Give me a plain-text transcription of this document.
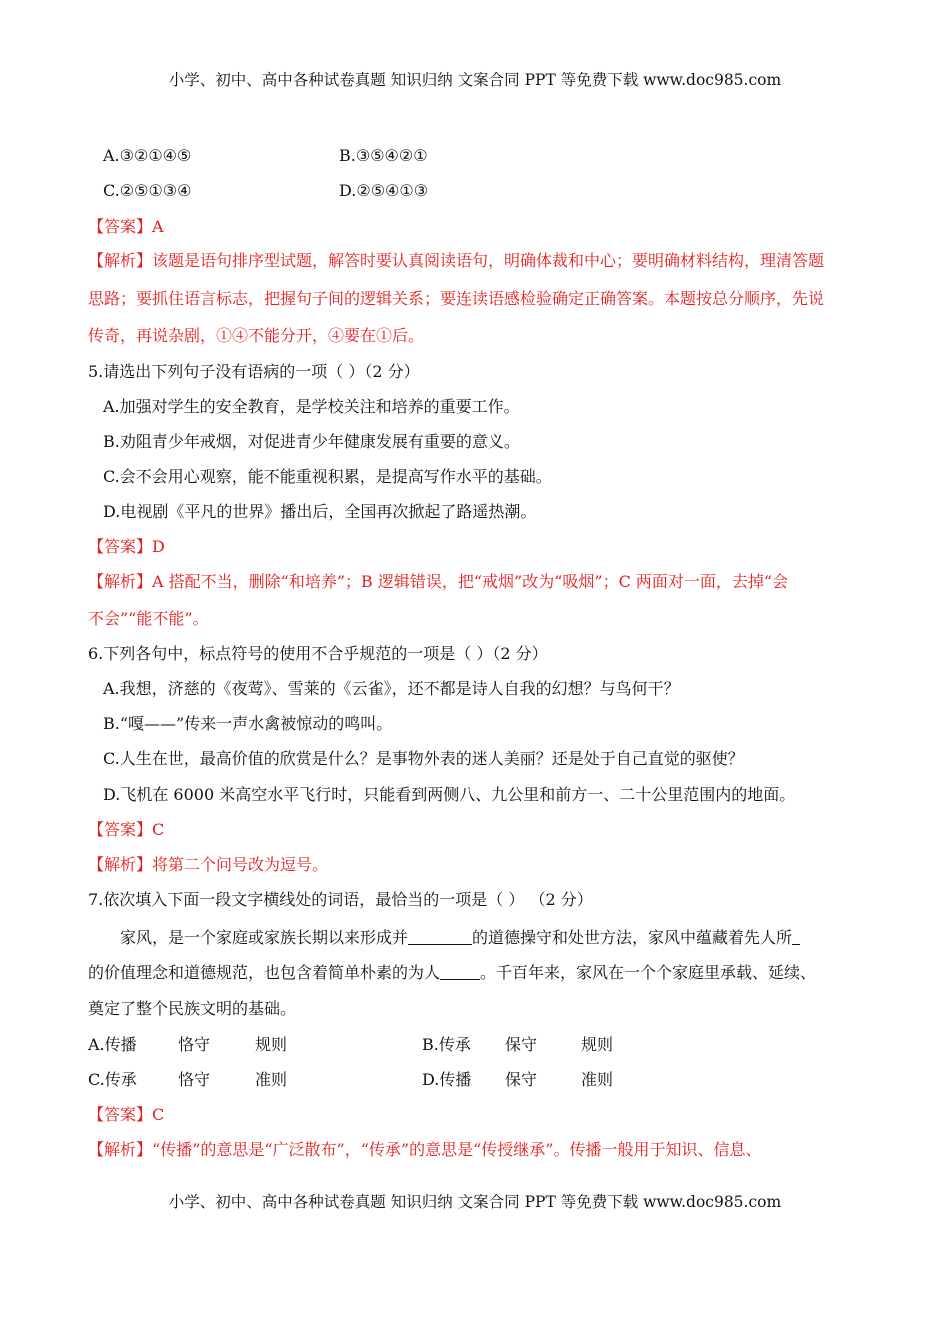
小学、初中、高中各种试卷真题 知识归纳 文案合同 PPT 等免费下载 www.doc985.com
A.③②①④⑤	B.③⑤④②①
C.②⑤①③④	D.②⑤④①③
【答案】A
【解析】该题是语句排序型试题，解答时要认真阅读语句，明确体裁和中心；要明确材料结构，理清答题
思路；要抓住语言标志，把握句子间的逻辑关系；要连读语感检验确定正确答案。本题按总分顺序，先说
传奇，再说杂剧，①④不能分开，④要在①后。
5.请选出下列句子没有语病的一项（ ）（2 分）
A.加强对学生的安全教育，是学校关注和培养的重要工作。
B.劝阻青少年戒烟，对促进青少年健康发展有重要的意义。
C.会不会用心观察，能不能重视积累，是提高写作水平的基础。
D.电视剧《平凡的世界》播出后，全国再次掀起了路遥热潮。
【答案】D
【解析】A 搭配不当，删除“和培养”；B 逻辑错误，把“戒烟”改为“吸烟”；C 两面对一面，去掉“会
不会”“能不能”。
6.下列各句中，标点符号的使用不合乎规范的一项是（ ）（2 分）
A.我想，济慈的《夜莺》、雪莱的《云雀》，还不都是诗人自我的幻想？与鸟何干？
B.“嘎——”传来一声水禽被惊动的鸣叫。
C.人生在世，最高价值的欣赏是什么？是事物外表的迷人美丽？还是处于自己直觉的驱使？
D.飞机在 6000 米高空水平飞行时，只能看到两侧八、九公里和前方一、二十公里范围内的地面。
【答案】C
【解析】将第二个问号改为逗号。
7.依次填入下面一段文字横线处的词语，最恰当的一项是（ ） （2 分）
家风，是一个家庭或家族长期以来形成并	的道德操守和处世方法，家风中蕴藏着先人所
的价值理念和道德规范，也包含着简单朴素的为人	。千百年来，家风在一个个家庭里承载、延续、
奠定了整个民族文明的基础。
A.传播	恪守	规则	B.传承 保守	规则
C.传承	恪守	准则	D.传播 保守	准则
【答案】C
【解析】“传播”的意思是“广泛散布”，“传承”的意思是“传授继承”。传播一般用于知识、信息、
小学、初中、高中各种试卷真题 知识归纳 文案合同 PPT 等免费下载 www.doc985.com
